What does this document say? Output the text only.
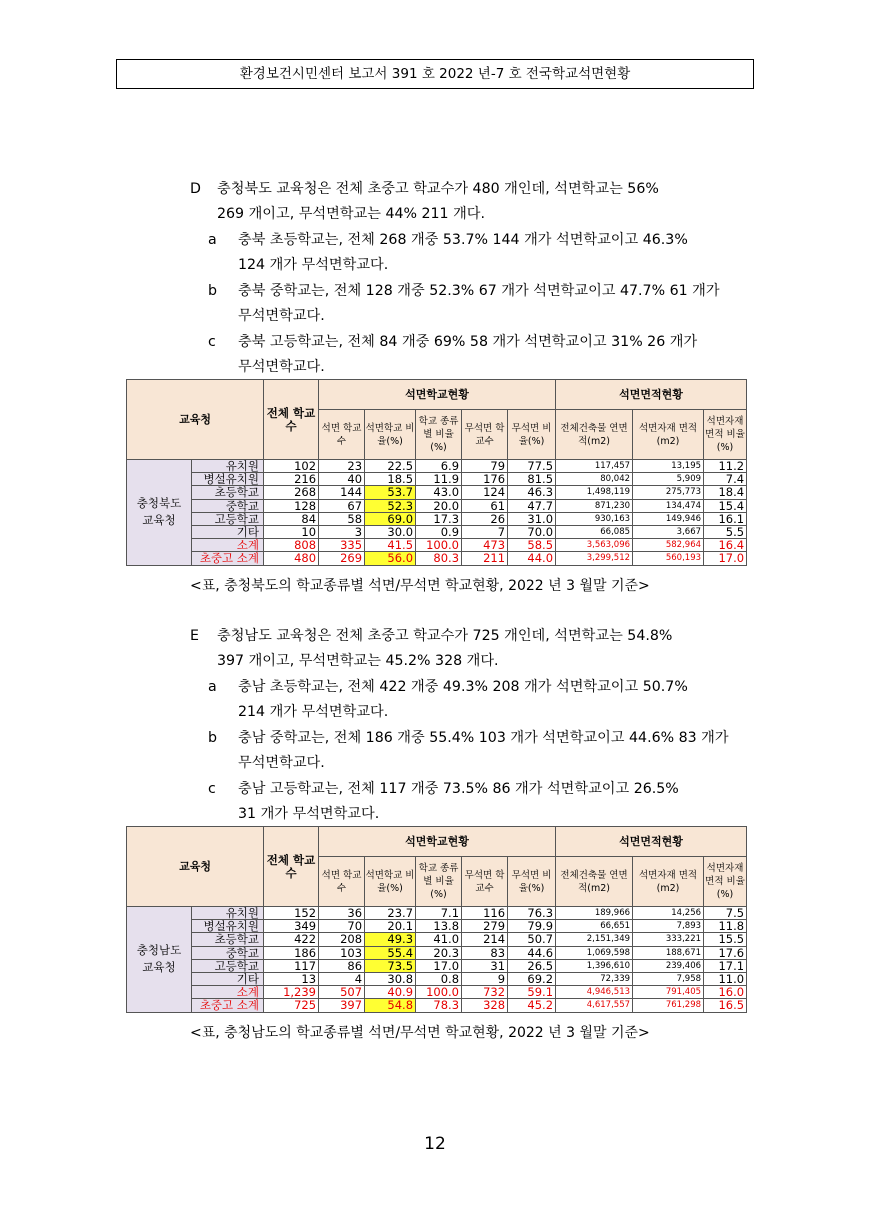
환경보건시민센터 보고서 391 호 2022 년-7 호 전국학교석면현황
D 충청북도 교육청은 전체 초중고 학교수가 480 개인데, 석면학교는 56%
269 개이고, 무석면학교는 44% 211 개다.
a 충북 초등학교는, 전체 268 개중 53.7% 144 개가 석면학교이고 46.3%
124 개가 무석면학교다.
b 충북 중학교는, 전체 128 개중 52.3% 67 개가 석면학교이고 47.7% 61 개가
무석면학교다.
c 충북 고등학교는, 전체 84 개중 69% 58 개가 석면학교이고 31% 26 개가
무석면학교다.
교육청		전체 학교수	석면학교현황					석면면적현황		
			석면 학교수	석면학교 비율(%)	학교 종류별 비율(%)	무석면 학교수	무석면 비율(%)	전체건축물 연면적(m2)	석면자재 면적(m2)	석면자재 면적 비율(%)
충청북도 교육청	유치원	102	23	22.5	6.9	79	77.5	117,457	13,195	11.2
	병설유치원	216	40	18.5	11.9	176	81.5	80,042	5,909	7.4
	초등학교	268	144	53.7	43.0	124	46.3	1,498,119	275,773	18.4
	중학교	128	67	52.3	20.0	61	47.7	871,230	134,474	15.4
	고등학교	84	58	69.0	17.3	26	31.0	930,163	149,946	16.1
	기타	10	3	30.0	0.9	7	70.0	66,085	3,667	5.5
	소계	808	335	41.5	100.0	473	58.5	3,563,096	582,964	16.4
	초중고 소계	480	269	56.0	80.3	211	44.0	3,299,512	560,193	17.0
<표, 충청북도의 학교종류별 석면/무석면 학교현황, 2022 년 3 월말 기준>
E 충청남도 교육청은 전체 초중고 학교수가 725 개인데, 석면학교는 54.8%
397 개이고, 무석면학교는 45.2% 328 개다.
a 충남 초등학교는, 전체 422 개중 49.3% 208 개가 석면학교이고 50.7%
214 개가 무석면학교다.
b 충남 중학교는, 전체 186 개중 55.4% 103 개가 석면학교이고 44.6% 83 개가
무석면학교다.
c 충남 고등학교는, 전체 117 개중 73.5% 86 개가 석면학교이고 26.5%
31 개가 무석면학교다.
교육청		전체 학교수	석면학교현황					석면면적현황		
			석면 학교수	석면학교 비율(%)	학교 종류별 비율(%)	무석면 학교수	무석면 비율(%)	전체건축물 연면적(m2)	석면자재 면적(m2)	석면자재 면적 비율(%)
충청남도 교육청	유치원	152	36	23.7	7.1	116	76.3	189,966	14,256	7.5
	병설유치원	349	70	20.1	13.8	279	79.9	66,651	7,893	11.8
	초등학교	422	208	49.3	41.0	214	50.7	2,151,349	333,221	15.5
	중학교	186	103	55.4	20.3	83	44.6	1,069,598	188,671	17.6
	고등학교	117	86	73.5	17.0	31	26.5	1,396,610	239,406	17.1
	기타	13	4	30.8	0.8	9	69.2	72,339	7,958	11.0
	소계	1,239	507	40.9	100.0	732	59.1	4,946,513	791,405	16.0
	초중고 소계	725	397	54.8	78.3	328	45.2	4,617,557	761,298	16.5
<표, 충청남도의 학교종류별 석면/무석면 학교현황, 2022 년 3 월말 기준>
12
